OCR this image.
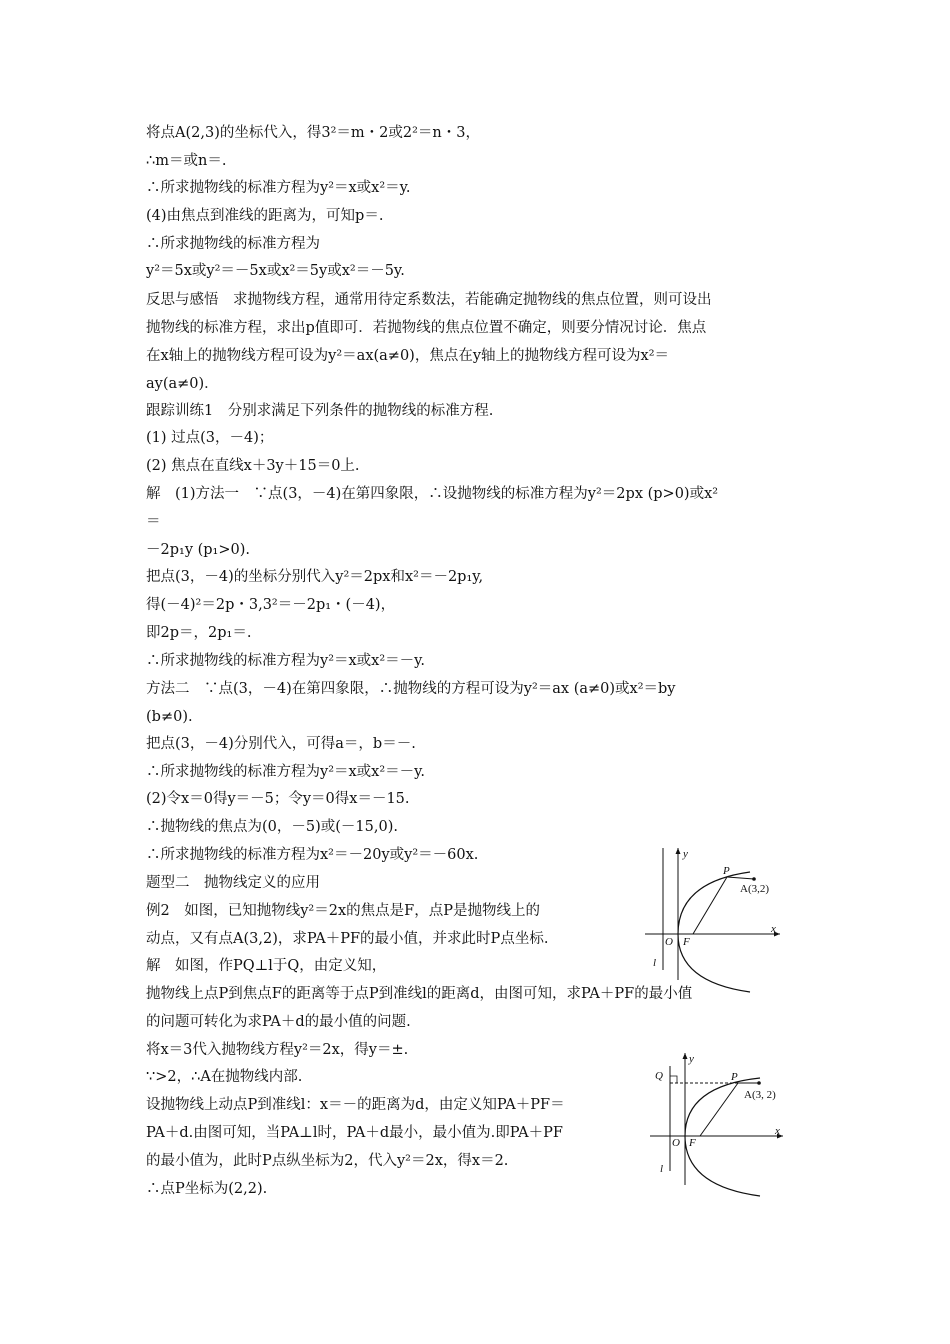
将点A(2,3)的坐标代入，得3²＝m・2或2²＝n・3，

∴m＝或n＝.

∴所求抛物线的标准方程为y²＝x或x²＝y.

(4)由焦点到准线的距离为，可知p＝.

∴所求抛物线的标准方程为

y²＝5x或y²＝－5x或x²＝5y或x²＝－5y.

反思与感悟　求抛物线方程，通常用待定系数法，若能确定抛物线的焦点位置，则可设出

抛物线的标准方程，求出p值即可．若抛物线的焦点位置不确定，则要分情况讨论．焦点

在x轴上的抛物线方程可设为y²＝ax(a≠0)，焦点在y轴上的抛物线方程可设为x²＝

ay(a≠0)．

跟踪训练1　分别求满足下列条件的抛物线的标准方程.

(1) 过点(3，－4)；

(2) 焦点在直线x＋3y＋15＝0上.

解　(1)方法一　∵点(3，－4)在第四象限，∴设抛物线的标准方程为y²＝2px (p>0)或x²

＝

－2p₁y (p₁>0).

把点(3，－4)的坐标分别代入y²＝2px和x²＝－2p₁y,

得(－4)²＝2p・3,3²＝－2p₁・(－4)，

即2p＝，2p₁＝.

∴所求抛物线的标准方程为y²＝x或x²＝－y.

方法二　∵点(3，－4)在第四象限，∴抛物线的方程可设为y²＝ax (a≠0)或x²＝by

(b≠0).

把点(3，－4)分别代入，可得a＝，b＝－.

∴所求抛物线的标准方程为y²＝x或x²＝－y.

(2)令x＝0得y＝－5；令y＝0得x＝－15.

∴抛物线的焦点为(0，－5)或(－15,0).

∴所求抛物线的标准方程为x²＝－20y或y²＝－60x.

题型二　抛物线定义的应用

例2　如图，已知抛物线y²＝2x的焦点是F，点P是抛物线上的

动点，又有点A(3,2)，求PA＋PF的最小值，并求此时P点坐标.

解　如图，作PQ⊥l于Q，由定义知，

抛物线上点P到焦点F的距离等于点P到准线l的距离d，由图可知，求PA＋PF的最小值

的问题可转化为求PA＋d的最小值的问题.

将x＝3代入抛物线方程y²＝2x，得y＝±.

∵>2，∴A在抛物线内部.

设抛物线上动点P到准线l：x＝－的距离为d，由定义知PA＋PF＝

PA＋d.由图可知，当PA⊥l时，PA＋d最小，最小值为.即PA＋PF

的最小值为，此时P点纵坐标为2，代入y²＝2x，得x＝2.

∴点P坐标为(2,2).

y
x
P
A(3,2)
O F
l
y
x
Q	P
A(3, 2)
O F
l
